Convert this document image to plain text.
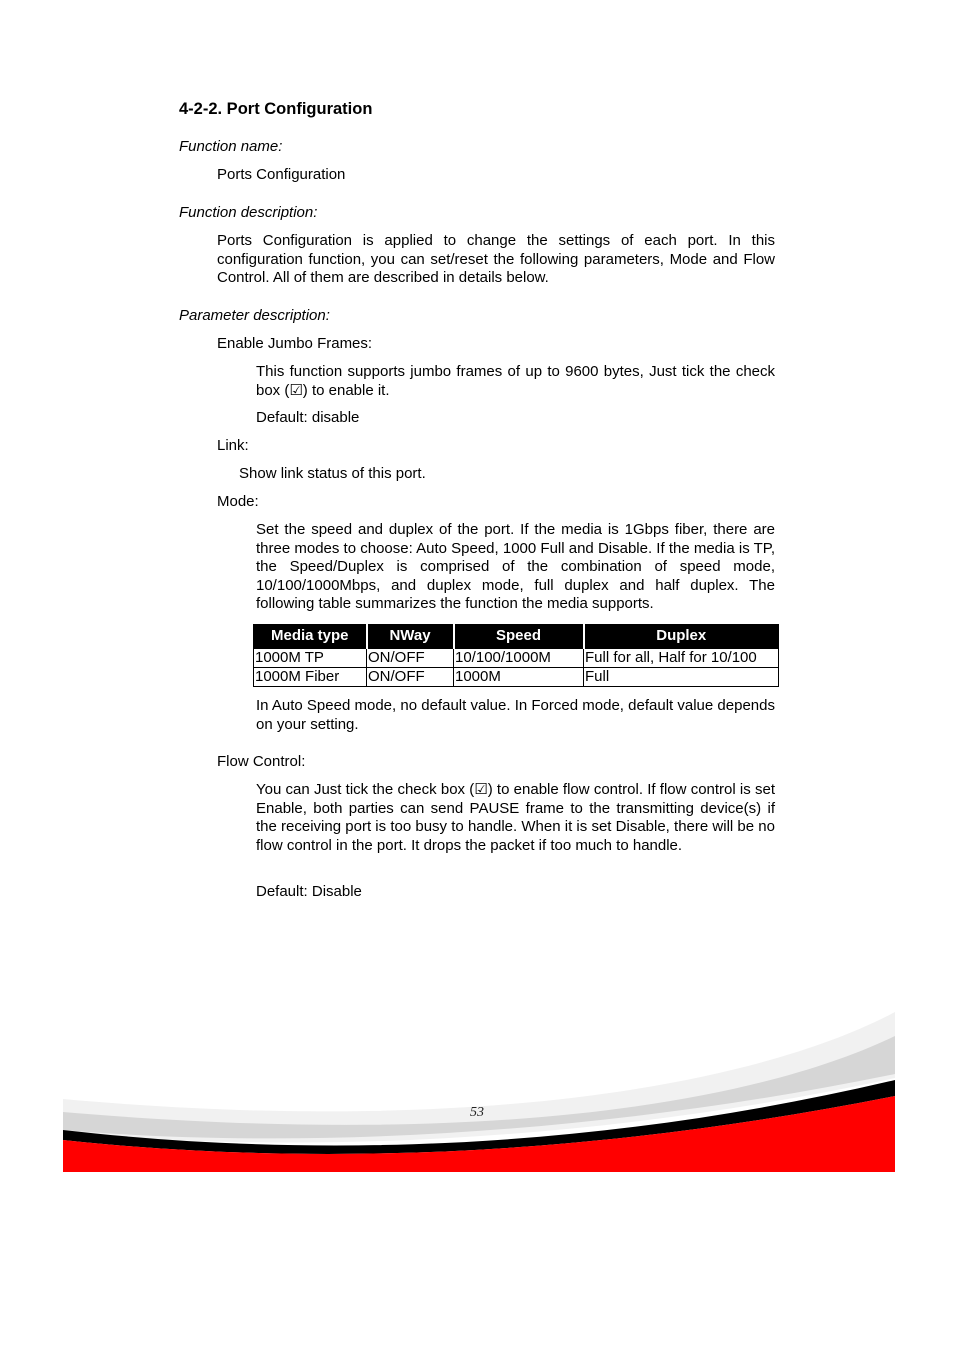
4-2-2. Port Configuration
Function name:
Ports Configuration
Function description:
Ports Configuration is applied to change the settings of each port. In this configuration function, you can set/reset the following parameters, Mode and Flow Control. All of them are described in details below.
Parameter description:
Enable Jumbo Frames:
This function supports jumbo frames of up to 9600 bytes, Just tick the check box (☑) to enable it.
Default: disable
Link:
Show link status of this port.
Mode:
Set the speed and duplex of the port. If the media is 1Gbps fiber, there are three modes to choose: Auto Speed, 1000 Full and Disable. If the media is TP, the Speed/Duplex is comprised of the combination of speed mode, 10/100/1000Mbps, and duplex mode, full duplex and half duplex. The following table summarizes the function the media supports.
Media type	NWay	Speed	Duplex
1000M TP	ON/OFF	10/100/1000M	Full for all, Half for 10/100
1000M Fiber	ON/OFF	1000M	Full
In Auto Speed mode, no default value. In Forced mode, default value depends on your setting.
Flow Control:
You can Just tick the check box (☑) to enable flow control. If flow control is set Enable, both parties can send PAUSE frame to the transmitting device(s) if the receiving port is too busy to handle. When it is set Disable, there will be no flow control in the port. It drops the packet if too much to handle.
Default: Disable
53
